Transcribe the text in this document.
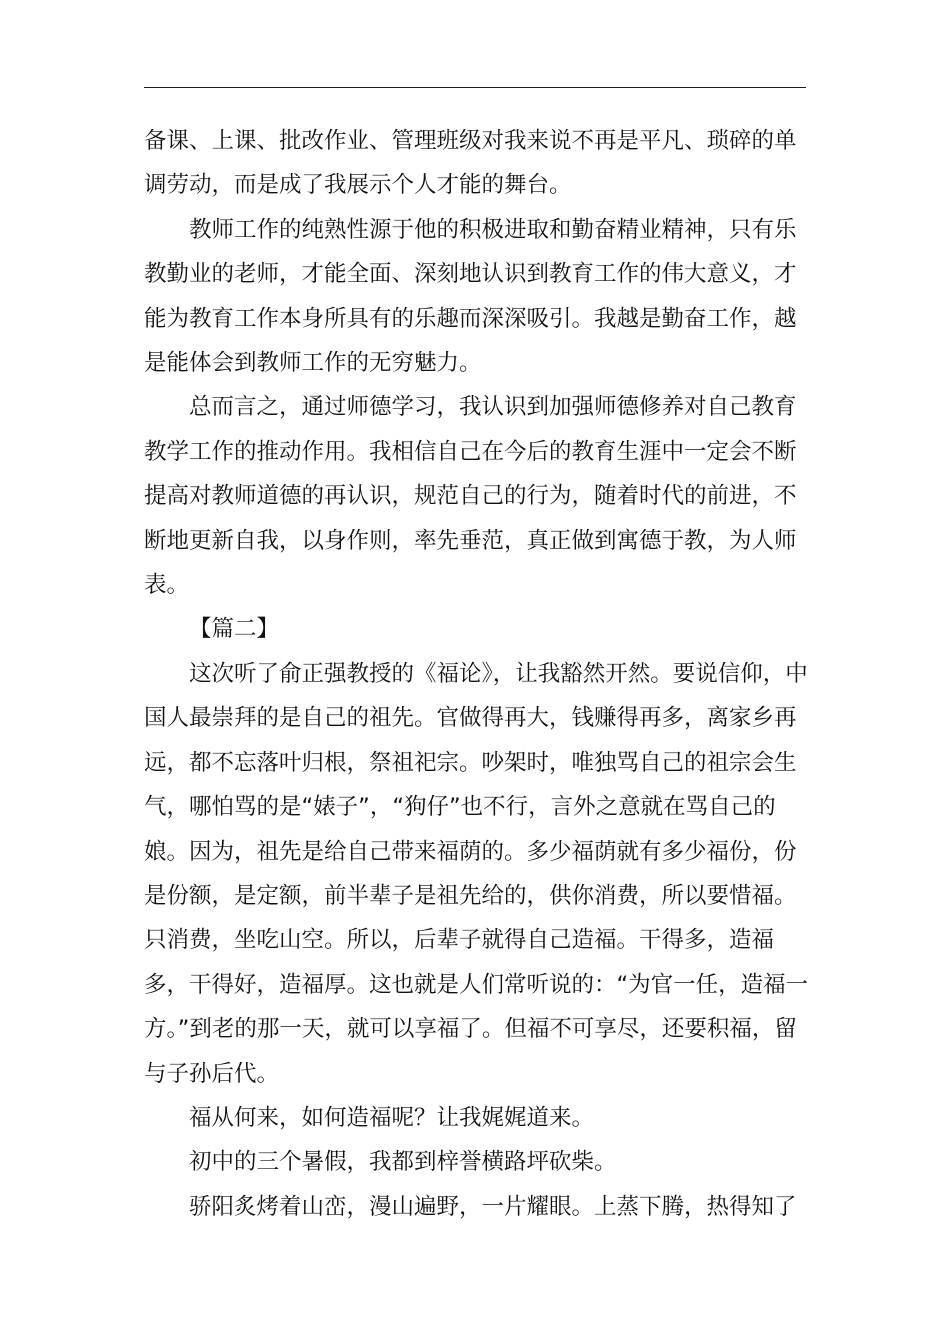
备课、上课、批改作业、管理班级对我来说不再是平凡、琐碎的单调劳动，而是成了我展示个人才能的舞台。

教师工作的纯熟性源于他的积极进取和勤奋精业精神，只有乐教勤业的老师，才能全面、深刻地认识到教育工作的伟大意义，才能为教育工作本身所具有的乐趣而深深吸引。我越是勤奋工作，越是能体会到教师工作的无穷魅力。

总而言之，通过师德学习，我认识到加强师德修养对自己教育教学工作的推动作用。我相信自己在今后的教育生涯中一定会不断提高对教师道德的再认识，规范自己的行为，随着时代的前进，不断地更新自我，以身作则，率先垂范，真正做到寓德于教，为人师表。

【篇二】

这次听了俞正强教授的《福论》，让我豁然开然。要说信仰，中国人最崇拜的是自己的祖先。官做得再大，钱赚得再多，离家乡再远，都不忘落叶归根，祭祖祀宗。吵架时，唯独骂自己的祖宗会生气，哪怕骂的是“婊子”，“狗仔”也不行，言外之意就在骂自己的娘。因为，祖先是给自己带来福荫的。多少福荫就有多少福份，份是份额，是定额，前半辈子是祖先给的，供你消费，所以要惜福。只消费，坐吃山空。所以，后辈子就得自己造福。干得多，造福多，干得好，造福厚。这也就是人们常听说的：“为官一任，造福一方。”到老的那一天，就可以享福了。但福不可享尽，还要积福，留与子孙后代。

福从何来，如何造福呢？让我娓娓道来。

初中的三个暑假，我都到梓誉横路坪砍柴。

骄阳炙烤着山峦，漫山遍野，一片耀眼。上蒸下腾，热得知了
